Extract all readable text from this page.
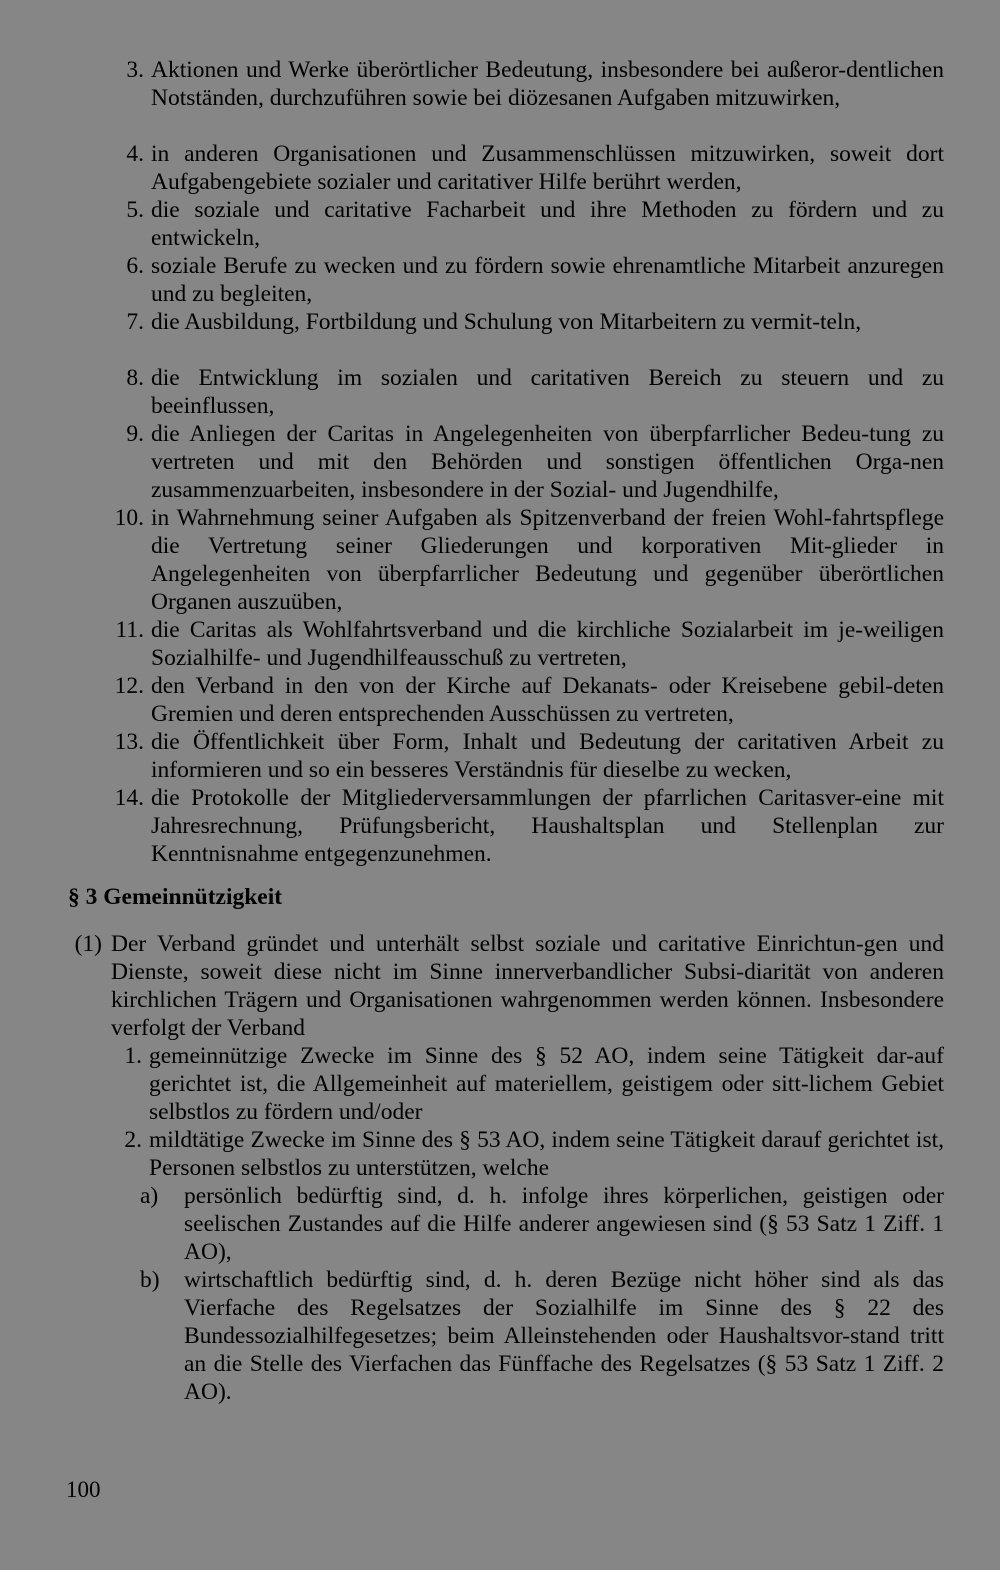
3. Aktionen und Werke überörtlicher Bedeutung, insbesondere bei außeror-dentlichen Notständen, durchzuführen sowie bei diözesanen Aufgaben mitzuwirken,
4. in anderen Organisationen und Zusammenschlüssen mitzuwirken, soweit dort Aufgabengebiete sozialer und caritativer Hilfe berührt werden,
5. die soziale und caritative Facharbeit und ihre Methoden zu fördern und zu entwickeln,
6. soziale Berufe zu wecken und zu fördern sowie ehrenamtliche Mitarbeit anzuregen und zu begleiten,
7. die Ausbildung, Fortbildung und Schulung von Mitarbeitern zu vermit-teln,
8. die Entwicklung im sozialen und caritativen Bereich zu steuern und zu beeinflussen,
9. die Anliegen der Caritas in Angelegenheiten von überpfarrlicher Bedeu-tung zu vertreten und mit den Behörden und sonstigen öffentlichen Orga-nen zusammenzuarbeiten, insbesondere in der Sozial- und Jugendhilfe,
10. in Wahrnehmung seiner Aufgaben als Spitzenverband der freien Wohl-fahrtspflege die Vertretung seiner Gliederungen und korporativen Mit-glieder in Angelegenheiten von überpfarrlicher Bedeutung und gegenüber überörtlichen Organen auszuüben,
11. die Caritas als Wohlfahrtsverband und die kirchliche Sozialarbeit im je-weiligen Sozialhilfe- und Jugendhilfeausschuß zu vertreten,
12. den Verband in den von der Kirche auf Dekanats- oder Kreisebene gebil-deten Gremien und deren entsprechenden Ausschüssen zu vertreten,
13. die Öffentlichkeit über Form, Inhalt und Bedeutung der caritativen Arbeit zu informieren und so ein besseres Verständnis für dieselbe zu wecken,
14. die Protokolle der Mitgliederversammlungen der pfarrlichen Caritasver-eine mit Jahresrechnung, Prüfungsbericht, Haushaltsplan und Stellenplan zur Kenntnisnahme entgegenzunehmen.
§ 3 Gemeinnützigkeit
(1) Der Verband gründet und unterhält selbst soziale und caritative Einrichtun-gen und Dienste, soweit diese nicht im Sinne innerverbandlicher Subsi-diarität von anderen kirchlichen Trägern und Organisationen wahrgenommen werden können. Insbesondere verfolgt der Verband
1. gemeinnützige Zwecke im Sinne des § 52 AO, indem seine Tätigkeit dar-auf gerichtet ist, die Allgemeinheit auf materiellem, geistigem oder sitt-lichem Gebiet selbstlos zu fördern und/oder
2. mildtätige Zwecke im Sinne des § 53 AO, indem seine Tätigkeit darauf gerichtet ist, Personen selbstlos zu unterstützen, welche
a)	persönlich bedürftig sind, d. h. infolge ihres körperlichen, geistigen oder seelischen Zustandes auf die Hilfe anderer angewiesen sind (§ 53 Satz 1 Ziff. 1 AO),
b)	wirtschaftlich bedürftig sind, d. h. deren Bezüge nicht höher sind als das Vierfache des Regelsatzes der Sozialhilfe im Sinne des § 22 des Bundessozialhilfegesetzes; beim Alleinstehenden oder Haushaltsvor-stand tritt an die Stelle des Vierfachen das Fünffache des Regelsatzes (§ 53 Satz 1 Ziff. 2 AO).
100
